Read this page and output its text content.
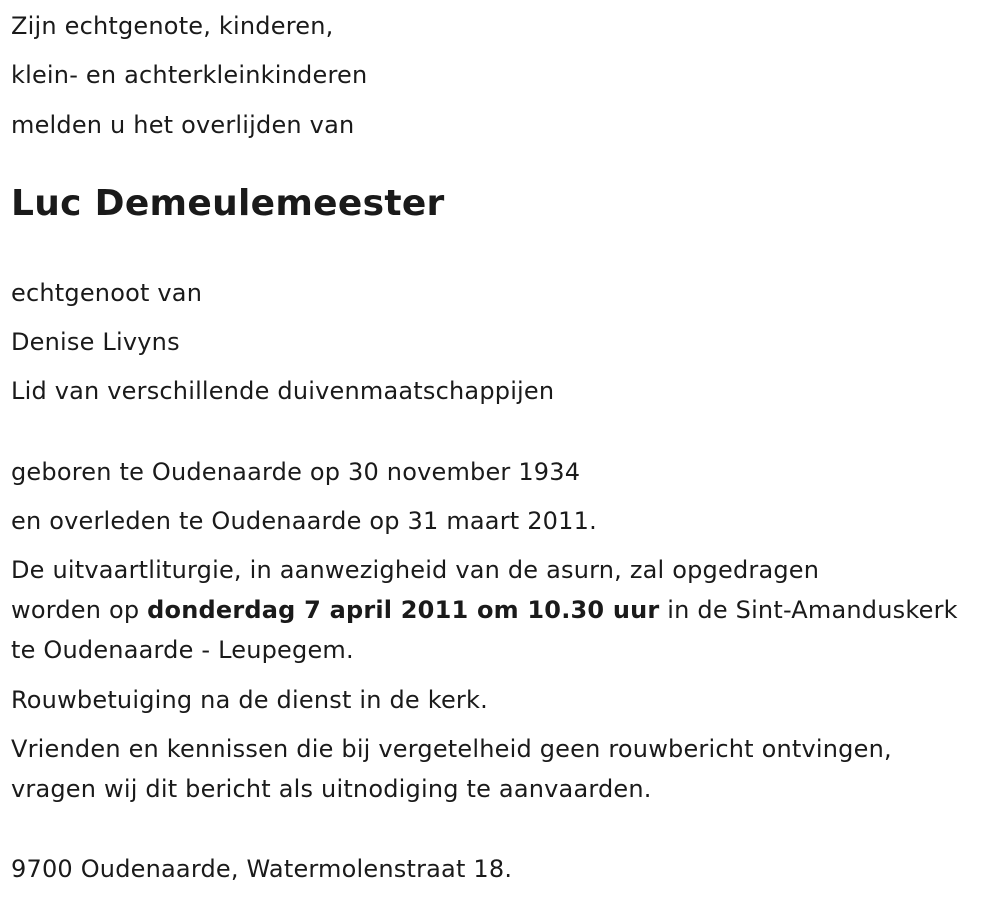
Zijn echtgenote, kinderen,
klein- en achterkleinkinderen
melden u het overlijden van
Luc Demeulemeester
echtgenoot van
Denise Livyns
Lid van verschillende duivenmaatschappijen
geboren te Oudenaarde op 30 november 1934
en overleden te Oudenaarde op 31 maart 2011.
De uitvaartliturgie, in aanwezigheid van de asurn, zal opgedragen
worden op donderdag 7 april 2011 om 10.30 uur in de Sint-Amanduskerk
te Oudenaarde - Leupegem.
Rouwbetuiging na de dienst in de kerk.
Vrienden en kennissen die bij vergetelheid geen rouwbericht ontvingen,
vragen wij dit bericht als uitnodiging te aanvaarden.
9700 Oudenaarde, Watermolenstraat 18.
